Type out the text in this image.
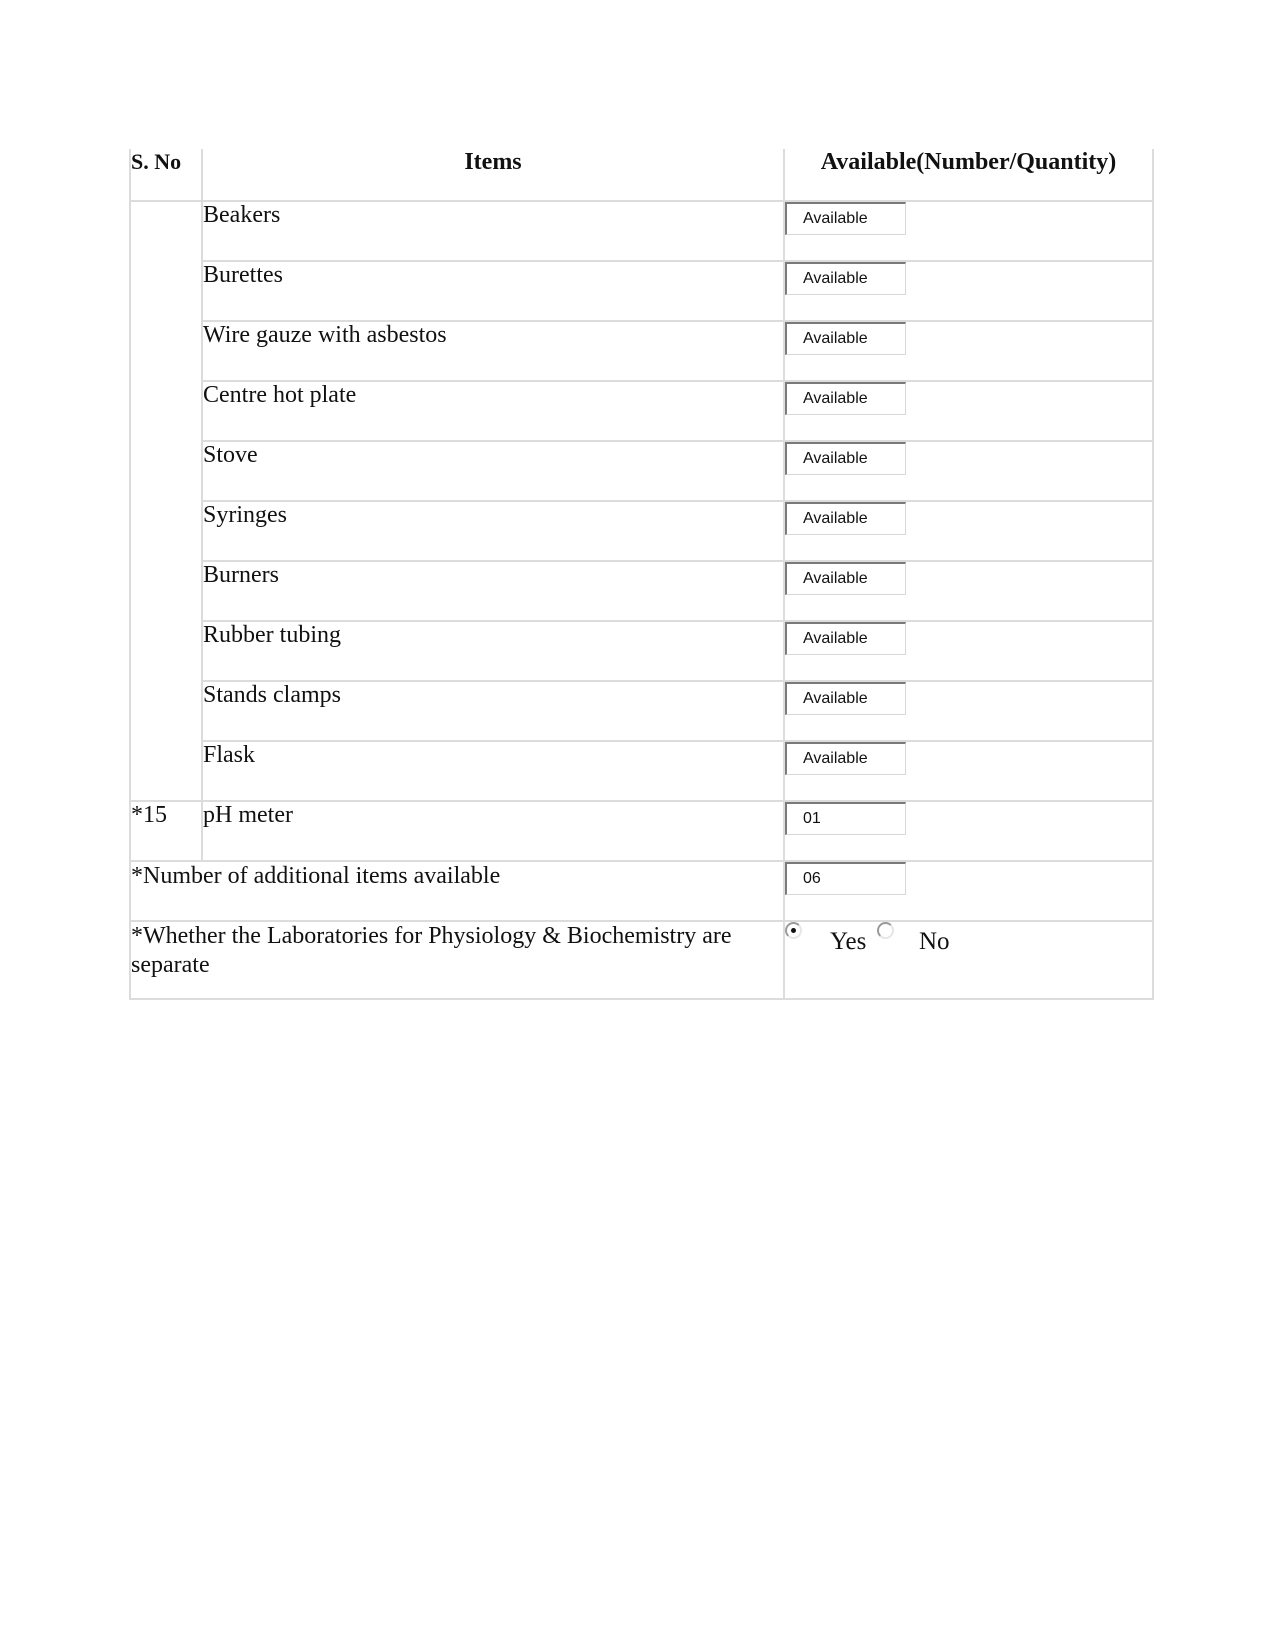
S. No	Items	Available(Number/Quantity)
	Beakers	Available

	Burettes	Available

	Wire gauze with asbestos	Available

	Centre hot plate	Available

	Stove	Available

	Syringes	Available

	Burners	Available

	Rubber tubing	Available

	Stands clamps	Available

	Flask	Available

*15	pH meter	01

*Number of additional items available		06

*Whether the Laboratories for Physiology & Biochemistry are separate		Yes No
